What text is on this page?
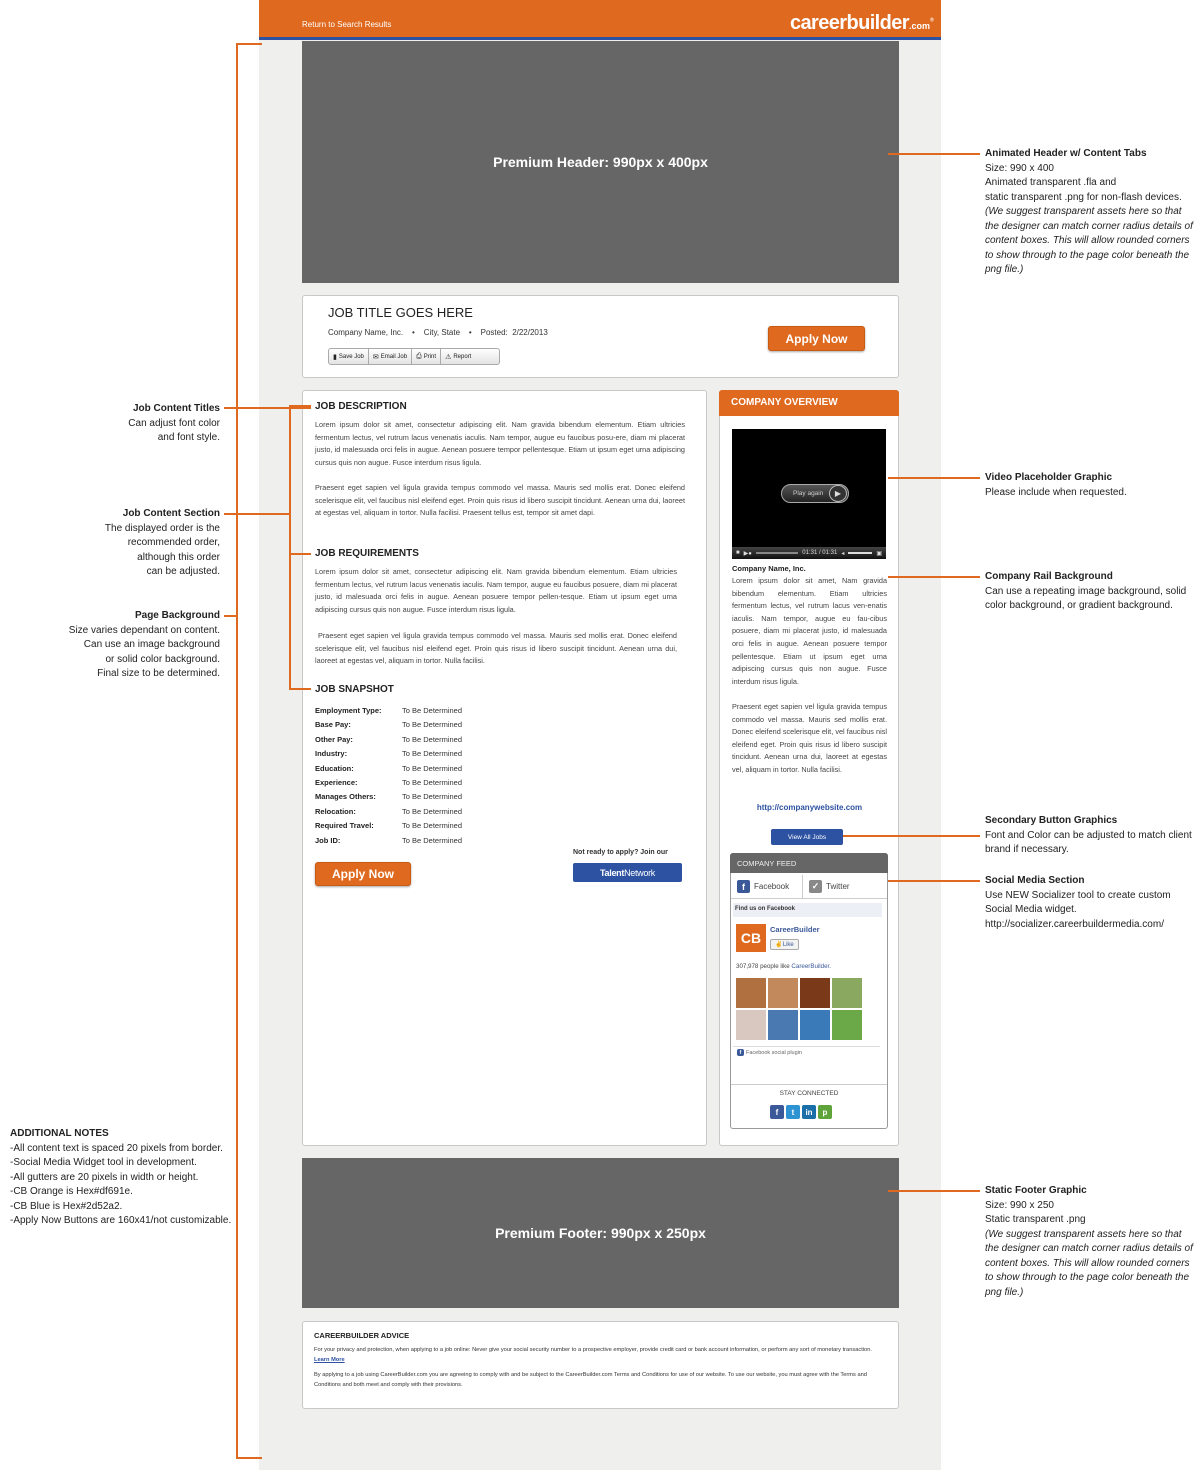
Return to Search Results	careerbuilder.com®
Premium Header: 990px x 400px
JOB TITLE GOES HERE
Company Name, Inc.    •    City, State    •    Posted:  2/22/2013
▮ Save Job ✉ Email Job ⎙ Print ⚠ Report
Apply Now
JOB DESCRIPTION
Lorem ipsum dolor sit amet, consectetur adipiscing elit. Nam gravida bibendum elementum. Etiam ultricies fermentum lectus, vel rutrum lacus venenatis iaculis. Nam tempor, augue eu faucibus posu-ere, diam mi placerat justo, id malesuada orci felis in augue. Aenean posuere tempor pellentesque. Etiam ut ipsum eget urna adipiscing cursus quis non augue. Fusce interdum risus ligula.
Praesent eget sapien vel ligula gravida tempus commodo vel massa. Mauris sed mollis erat. Donec eleifend scelerisque elit, vel faucibus nisl eleifend eget. Proin quis risus id libero suscipit tincidunt. Aenean urna dui, laoreet at egestas vel, aliquam in tortor. Nulla facilisi. Praesent tellus est, tempor sit amet dapi.
JOB REQUIREMENTS
Lorem ipsum dolor sit amet, consectetur adipiscing elit. Nam gravida bibendum elementum. Etiam ultricies fermentum lectus, vel rutrum lacus venenatis iaculis. Nam tempor, augue eu faucibus posuere, diam mi placerat justo, id malesuada orci felis in augue. Aenean posuere tempor pellen-tesque. Etiam ut ipsum eget urna adipiscing cursus quis non augue. Fusce interdum risus ligula.
Praesent eget sapien vel ligula gravida tempus commodo vel massa. Mauris sed mollis erat. Donec eleifend scelerisque elit, vel faucibus nisl eleifend eget. Proin quis risus id libero suscipit tincidunt. Aenean urna dui, laoreet at egestas vel, aliquam in tortor. Nulla facilisi.
JOB SNAPSHOT
Employment Type:	To Be Determined
Base Pay:	To Be Determined
Other Pay:	To Be Determined
Industry:	To Be Determined
Education:	To Be Determined
Experience:	To Be Determined
Manages Others:	To Be Determined
Relocation:	To Be Determined
Required Travel:	To Be Determined
Job ID:	To Be Determined
Not ready to apply? Join our
Talent Network
Apply Now
COMPANY OVERVIEW
Play again	▶
■ ▶●	01:31 / 01:31 ◂	▣
Company Name, Inc.
Lorem ipsum dolor sit amet, Nam gravida bibendum elementum. Etiam ultricies fermentum lectus, vel rutrum lacus ven-enatis iaculis. Nam tempor, augue eu fau-cibus posuere, diam mi placerat justo, id malesuada orci felis in augue. Aenean posuere tempor pellentesque. Etiam ut ipsum eget urna adipiscing cursus quis non augue. Fusce interdum risus ligula.
Praesent eget sapien vel ligula gravida tempus commodo vel massa. Mauris sed mollis erat. Donec eleifend scelerisque elit, vel faucibus nisl eleifend eget. Proin quis risus id libero suscipit tincidunt. Aenean urna dui, laoreet at egestas vel, aliquam in tortor. Nulla facilisi.
http://companywebsite.com
View All Jobs
COMPANY FEED
f	Facebook	✓ Twitter
Find us on Facebook
CB
CareerBuilder
✌ Like
307,978 people like CareerBuilder.
f Facebook social plugin
STAY CONNECTED
f	t	in	p
Premium Footer: 990px x 250px
CAREERBUILDER ADVICE
For your privacy and protection, when applying to a job online: Never give your social security number to a prospective employer, provide credit card or bank account information, or perform any sort of monetary transaction. Learn More
By applying to a job using CareerBuilder.com you are agreeing to comply with and be subject to the CareerBuilder.com Terms and Conditions for use of our website. To use our website, you must agree with the Terms and Conditions and both meet and comply with their provisions.
Job Content Titles
Can adjust font color
and font style.
Job Content Section
The displayed order is the
recommended order,
although this order
can be adjusted.
Page Background
Size varies dependant on content.
Can use an image background
or solid color background.
Final size to be determined.
ADDITIONAL NOTES
-All content text is spaced 20 pixels from border.
-Social Media Widget tool in development.
-All gutters are 20 pixels in width or height.
-CB Orange is Hex#df691e.
-CB Blue is Hex#2d52a2.
-Apply Now Buttons are 160x41/not customizable.
Animated Header w/ Content Tabs
Size: 990 x 400
Animated transparent .fla and
static transparent .png for non-flash devices.
(We suggest transparent assets here so that
the designer can match corner radius details of
content boxes. This will allow rounded corners
to show through to the page color beneath the
png file.)
Video Placeholder Graphic
Please include when requested.
Company Rail Background
Can use a repeating image background, solid
color background, or gradient background.
Secondary Button Graphics
Font and Color can be adjusted to match client
brand if necessary.
Social Media Section
Use NEW Socializer tool to create custom
Social Media widget.
http://socializer.careerbuildermedia.com/
Static Footer Graphic
Size: 990 x 250
Static transparent .png
(We suggest transparent assets here so that
the designer can match corner radius details of
content boxes. This will allow rounded corners
to show through to the page color beneath the
png file.)
